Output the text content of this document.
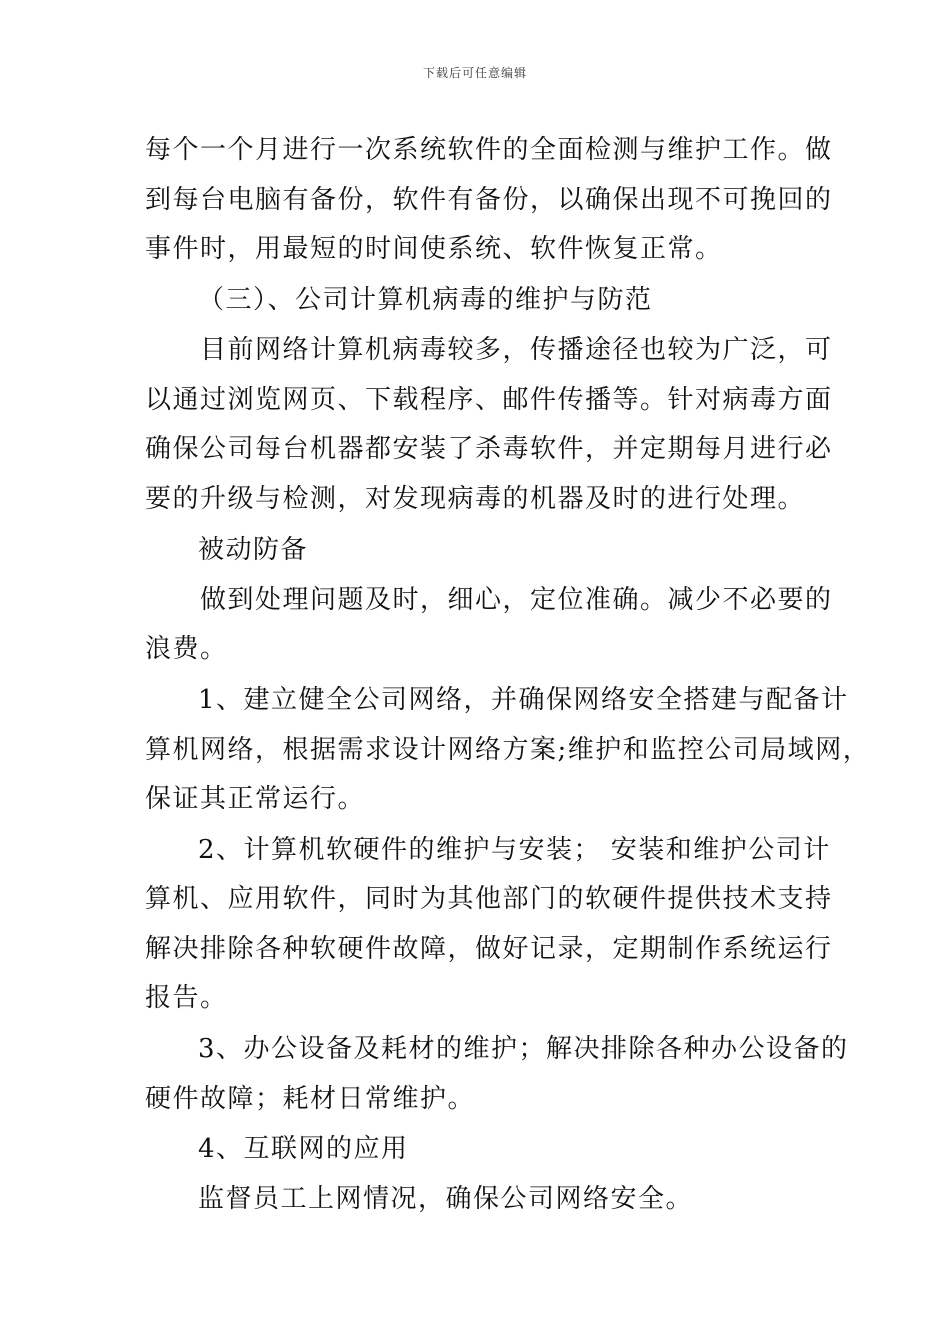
下载后可任意编辑
每个一个月进行一次系统软件的全面检测与维护工作。做
到每台电脑有备份，软件有备份，以确保出现不可挽回的
事件时，用最短的时间使系统、软件恢复正常。
（三）、公司计算机病毒的维护与防范
目前网络计算机病毒较多，传播途径也较为广泛，可
以通过浏览网页、下载程序、邮件传播等。针对病毒方面
确保公司每台机器都安装了杀毒软件，并定期每月进行必
要的升级与检测，对发现病毒的机器及时的进行处理。
被动防备
做到处理问题及时，细心，定位准确。减少不必要的
浪费。
1、建立健全公司网络，并确保网络安全搭建与配备计
算机网络，根据需求设计网络方案;维护和监控公司局域网，
保证其正常运行。
2、计算机软硬件的维护与安装； 安装和维护公司计
算机、应用软件，同时为其他部门的软硬件提供技术支持
解决排除各种软硬件故障，做好记录，定期制作系统运行
报告。
3、办公设备及耗材的维护；解决排除各种办公设备的
硬件故障；耗材日常维护。
4、互联网的应用
监督员工上网情况，确保公司网络安全。
